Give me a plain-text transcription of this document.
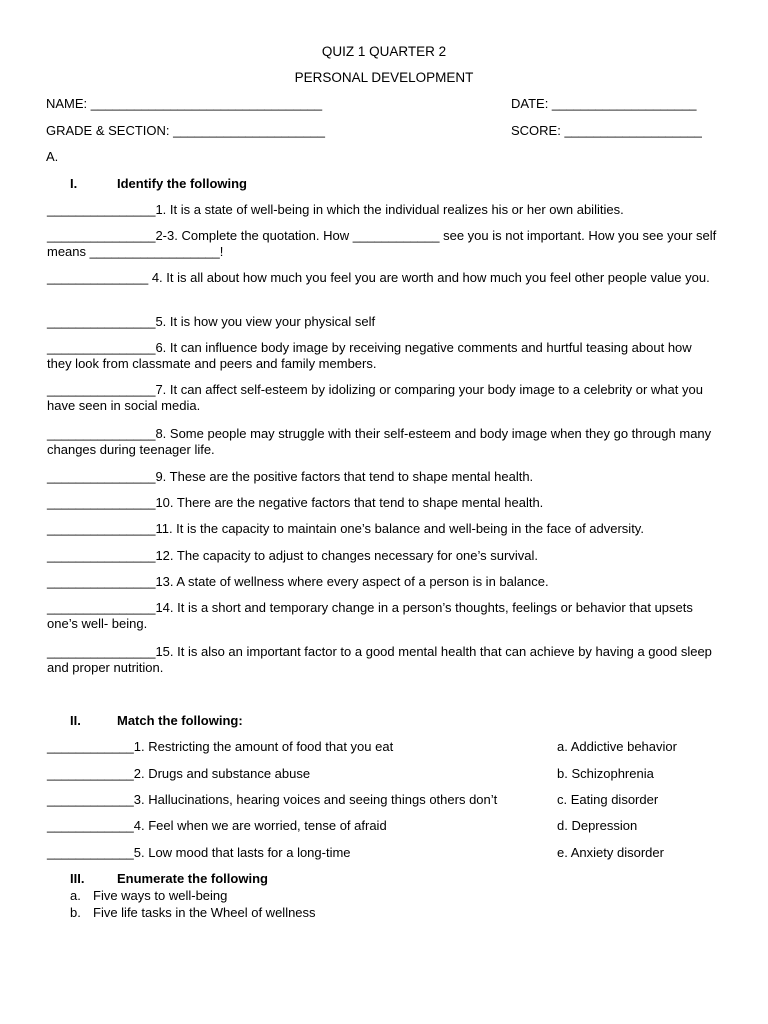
QUIZ 1 QUARTER 2
PERSONAL DEVELOPMENT
NAME: ________________________________	DATE: ____________________
GRADE & SECTION: _____________________	SCORE: ___________________
A.
I.	Identify the following
_______________1. It is a state of well-being in which the individual realizes his or her own abilities.
_______________2-3. Complete the quotation. How ____________ see you is not important. How you see your self means __________________!
______________ 4. It is all about how much you feel you are worth and how much you feel other people value you.
_______________5. It is how you view your physical self
_______________6. It can influence body image by receiving negative comments and hurtful teasing about how they look from classmate and peers and family members.
_______________7. It can affect self-esteem by idolizing or comparing your body image to a celebrity or what you have seen in social media.
_______________8. Some people may struggle with their self-esteem and body image when they go through many changes during teenager life.
_______________9. These are the positive factors that tend to shape mental health.
_______________10. There are the negative factors that tend to shape mental health.
_______________11. It is the capacity to maintain one’s balance and well-being in the face of adversity.
_______________12. The capacity to adjust to changes necessary for one’s survival.
_______________13. A state of wellness where every aspect of a person is in balance.
_______________14. It is a short and temporary change in a person’s thoughts, feelings or behavior that upsets one’s well- being.
_______________15. It is also an important factor to a good mental health that can achieve by having a good sleep and proper nutrition.
II.	Match the following:
____________1. Restricting the amount of food that you eat	a. Addictive behavior
____________2. Drugs and substance abuse	b. Schizophrenia
____________3. Hallucinations, hearing voices and seeing things others don’t	c. Eating disorder
____________4. Feel when we are worried, tense of afraid	d. Depression
____________5. Low mood that lasts for a long-time	e. Anxiety disorder
III.	Enumerate the following
a. Five ways to well-being
b. Five life tasks in the Wheel of wellness
